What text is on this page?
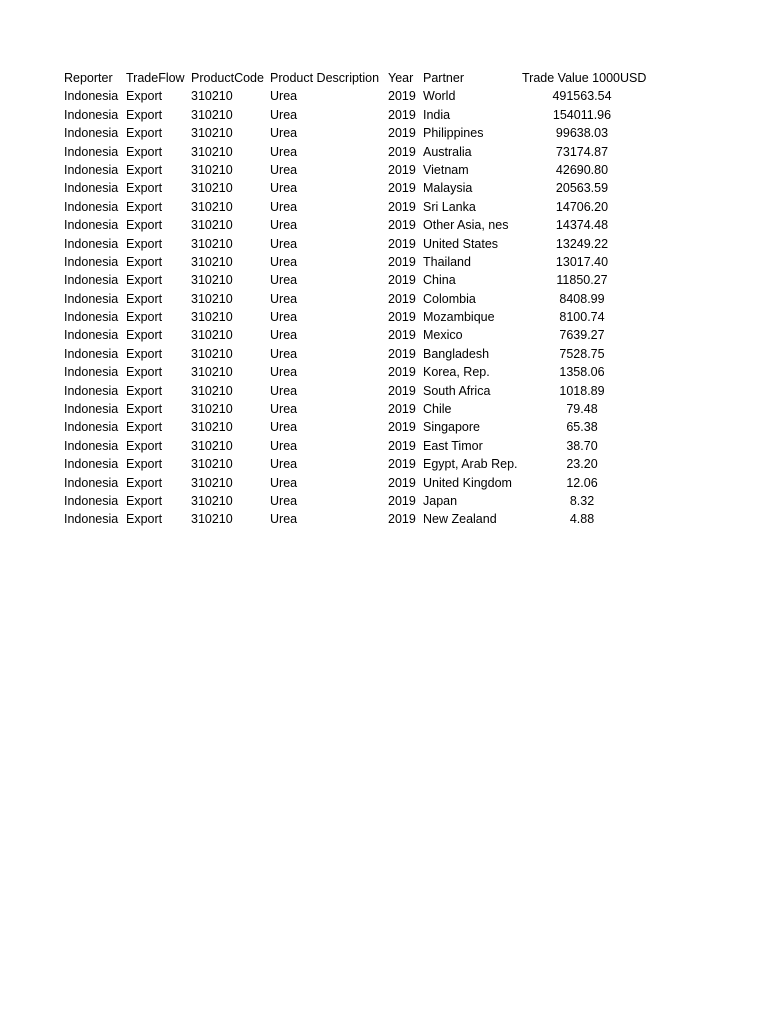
Reporter TradeFlow ProductCode Product Description Year Partner	Trade Value 1000USD
Indonesia Export 310210	Urea	2019 World	491563.54
Indonesia Export 310210	Urea	2019 India	154011.96
Indonesia Export 310210	Urea	2019 Philippines	99638.03
Indonesia Export 310210	Urea	2019 Australia	73174.87
Indonesia Export 310210	Urea	2019 Vietnam	42690.80
Indonesia Export 310210	Urea	2019 Malaysia	20563.59
Indonesia Export 310210	Urea	2019 Sri Lanka	14706.20
Indonesia Export 310210	Urea	2019 Other Asia, nes	14374.48
Indonesia Export 310210	Urea	2019 United States	13249.22
Indonesia Export 310210	Urea	2019 Thailand	13017.40
Indonesia Export 310210	Urea	2019 China	11850.27
Indonesia Export 310210	Urea	2019 Colombia	8408.99
Indonesia Export 310210	Urea	2019 Mozambique	8100.74
Indonesia Export 310210	Urea	2019 Mexico	7639.27
Indonesia Export 310210	Urea	2019 Bangladesh	7528.75
Indonesia Export 310210	Urea	2019 Korea, Rep.	1358.06
Indonesia Export 310210	Urea	2019 South Africa	1018.89
Indonesia Export 310210	Urea	2019 Chile	79.48
Indonesia Export 310210	Urea	2019 Singapore	65.38
Indonesia Export 310210	Urea	2019 East Timor	38.70
Indonesia Export 310210	Urea	2019 Egypt, Arab Rep.	23.20
Indonesia Export 310210	Urea	2019 United Kingdom	12.06
Indonesia Export 310210	Urea	2019 Japan	8.32
Indonesia Export 310210	Urea	2019 New Zealand	4.88
